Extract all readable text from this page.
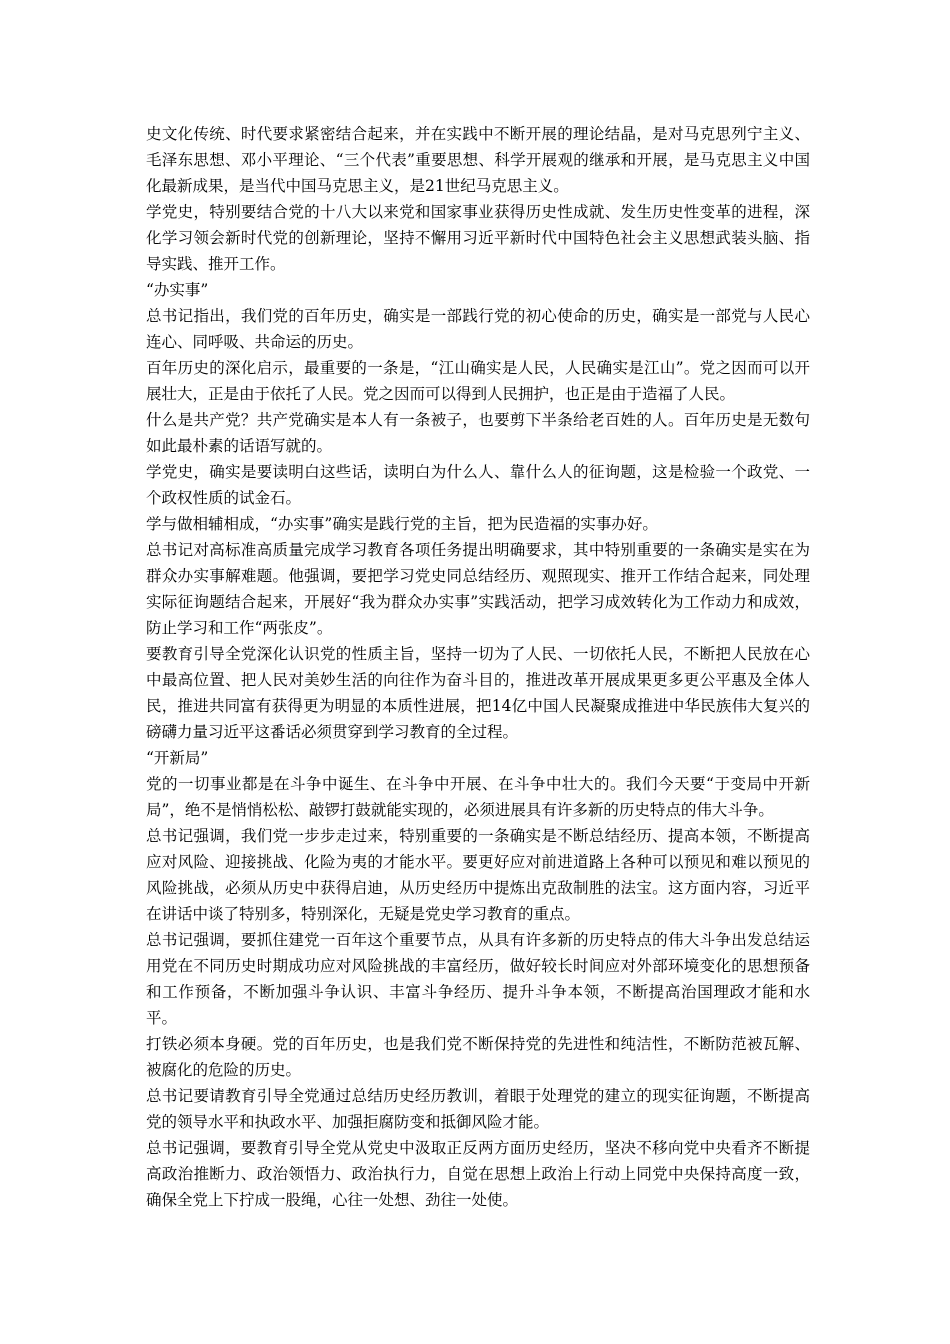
史文化传统、时代要求紧密结合起来，并在实践中不断开展的理论结晶，是对马克思列宁主义、毛泽东思想、邓小平理论、“三个代表”重要思想、科学开展观的继承和开展，是马克思主义中国化最新成果，是当代中国马克思主义，是21世纪马克思主义。

学党史，特别要结合党的十八大以来党和国家事业获得历史性成就、发生历史性变革的进程，深化学习领会新时代党的创新理论，坚持不懈用习近平新时代中国特色社会主义思想武装头脑、指导实践、推开工作。

“办实事”

总书记指出，我们党的百年历史，确实是一部践行党的初心使命的历史，确实是一部党与人民心连心、同呼吸、共命运的历史。

百年历史的深化启示，最重要的一条是，“江山确实是人民，人民确实是江山”。党之因而可以开展壮大，正是由于依托了人民。党之因而可以得到人民拥护，也正是由于造福了人民。

什么是共产党？共产党确实是本人有一条被子，也要剪下半条给老百姓的人。百年历史是无数句如此最朴素的话语写就的。

学党史，确实是要读明白这些话，读明白为什么人、靠什么人的征询题，这是检验一个政党、一个政权性质的试金石。

学与做相辅相成，“办实事”确实是践行党的主旨，把为民造福的实事办好。

总书记对高标准高质量完成学习教育各项任务提出明确要求，其中特别重要的一条确实是实在为群众办实事解难题。他强调，要把学习党史同总结经历、观照现实、推开工作结合起来，同处理实际征询题结合起来，开展好“我为群众办实事”实践活动，把学习成效转化为工作动力和成效，防止学习和工作“两张皮”。

要教育引导全党深化认识党的性质主旨，坚持一切为了人民、一切依托人民，不断把人民放在心中最高位置、把人民对美妙生活的向往作为奋斗目的，推进改革开展成果更多更公平惠及全体人民，推进共同富有获得更为明显的本质性进展，把14亿中国人民凝聚成推进中华民族伟大复兴的磅礴力量习近平这番话必须贯穿到学习教育的全过程。

“开新局”

党的一切事业都是在斗争中诞生、在斗争中开展、在斗争中壮大的。我们今天要“于变局中开新局”，绝不是悄悄松松、敲锣打鼓就能实现的，必须进展具有许多新的历史特点的伟大斗争。

总书记强调，我们党一步步走过来，特别重要的一条确实是不断总结经历、提高本领，不断提高应对风险、迎接挑战、化险为夷的才能水平。要更好应对前进道路上各种可以预见和难以预见的风险挑战，必须从历史中获得启迪，从历史经历中提炼出克敌制胜的法宝。这方面内容，习近平在讲话中谈了特别多，特别深化，无疑是党史学习教育的重点。

总书记强调，要抓住建党一百年这个重要节点，从具有许多新的历史特点的伟大斗争出发总结运用党在不同历史时期成功应对风险挑战的丰富经历，做好较长时间应对外部环境变化的思想预备和工作预备，不断加强斗争认识、丰富斗争经历、提升斗争本领，不断提高治国理政才能和水平。

打铁必须本身硬。党的百年历史，也是我们党不断保持党的先进性和纯洁性，不断防范被瓦解、被腐化的危险的历史。

总书记要请教育引导全党通过总结历史经历教训，着眼于处理党的建立的现实征询题，不断提高党的领导水平和执政水平、加强拒腐防变和抵御风险才能。

总书记强调，要教育引导全党从党史中汲取正反两方面历史经历，坚决不移向党中央看齐不断提高政治推断力、政治领悟力、政治执行力，自觉在思想上政治上行动上同党中央保持高度一致，确保全党上下拧成一股绳，心往一处想、劲往一处使。
